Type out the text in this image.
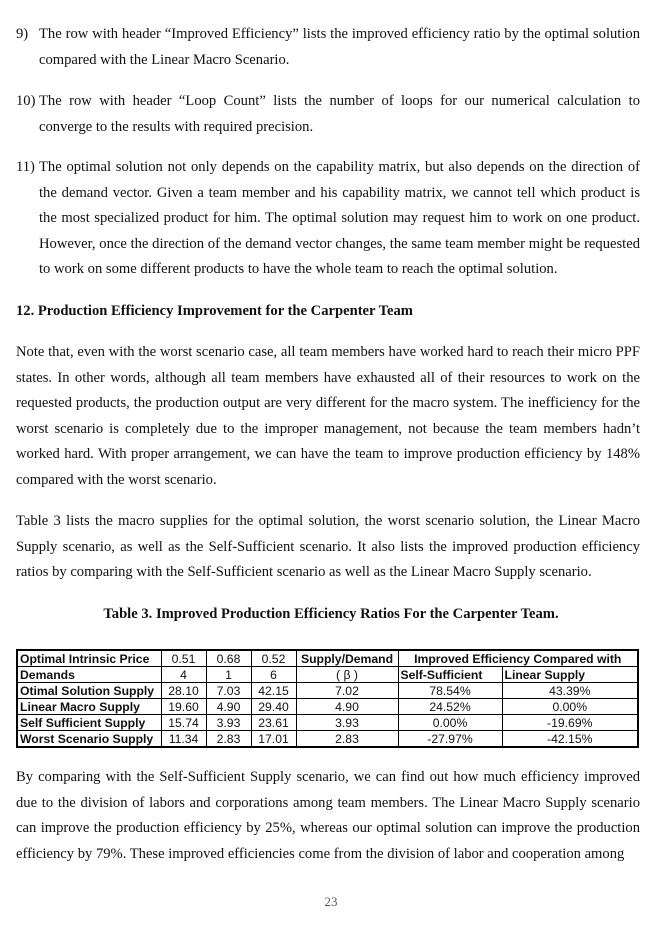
9) The row with header “Improved Efficiency” lists the improved efficiency ratio by the optimal solution compared with the Linear Macro Scenario.
10) The row with header “Loop Count” lists the number of loops for our numerical calculation to converge to the results with required precision.
11) The optimal solution not only depends on the capability matrix, but also depends on the direction of the demand vector. Given a team member and his capability matrix, we cannot tell which product is the most specialized product for him. The optimal solution may request him to work on one product. However, once the direction of the demand vector changes, the same team member might be requested to work on some different products to have the whole team to reach the optimal solution.
12. Production Efficiency Improvement for the Carpenter Team
Note that, even with the worst scenario case, all team members have worked hard to reach their micro PPF states. In other words, although all team members have exhausted all of their resources to work on the requested products, the production output are very different for the macro system. The inefficiency for the worst scenario is completely due to the improper management, not because the team members hadn’t worked hard. With proper arrangement, we can have the team to improve production efficiency by 148% compared with the worst scenario.
Table 3 lists the macro supplies for the optimal solution, the worst scenario solution, the Linear Macro Supply scenario, as well as the Self-Sufficient scenario. It also lists the improved production efficiency ratios by comparing with the Self-Sufficient scenario as well as the Linear Macro Supply scenario.
Table 3. Improved Production Efficiency Ratios For the Carpenter Team.
Optimal Intrinsic Price	0.51	0.68	0.52	Supply/Demand	Improved Efficiency Compared with	
Demands	4	1	6	( β )	Self-Sufficient	Linear Supply
Otimal Solution Supply	28.10	7.03	42.15	7.02	78.54%	43.39%
Linear Macro Supply	19.60	4.90	29.40	4.90	24.52%	0.00%
Self Sufficient Supply	15.74	3.93	23.61	3.93	0.00%	-19.69%
Worst Scenario Supply	11.34	2.83	17.01	2.83	-27.97%	-42.15%
By comparing with the Self-Sufficient Supply scenario, we can find out how much efficiency improved due to the division of labors and corporations among team members. The Linear Macro Supply scenario can improve the production efficiency by 25%, whereas our optimal solution can improve the production efficiency by 79%. These improved efficiencies come from the division of labor and cooperation among
23
